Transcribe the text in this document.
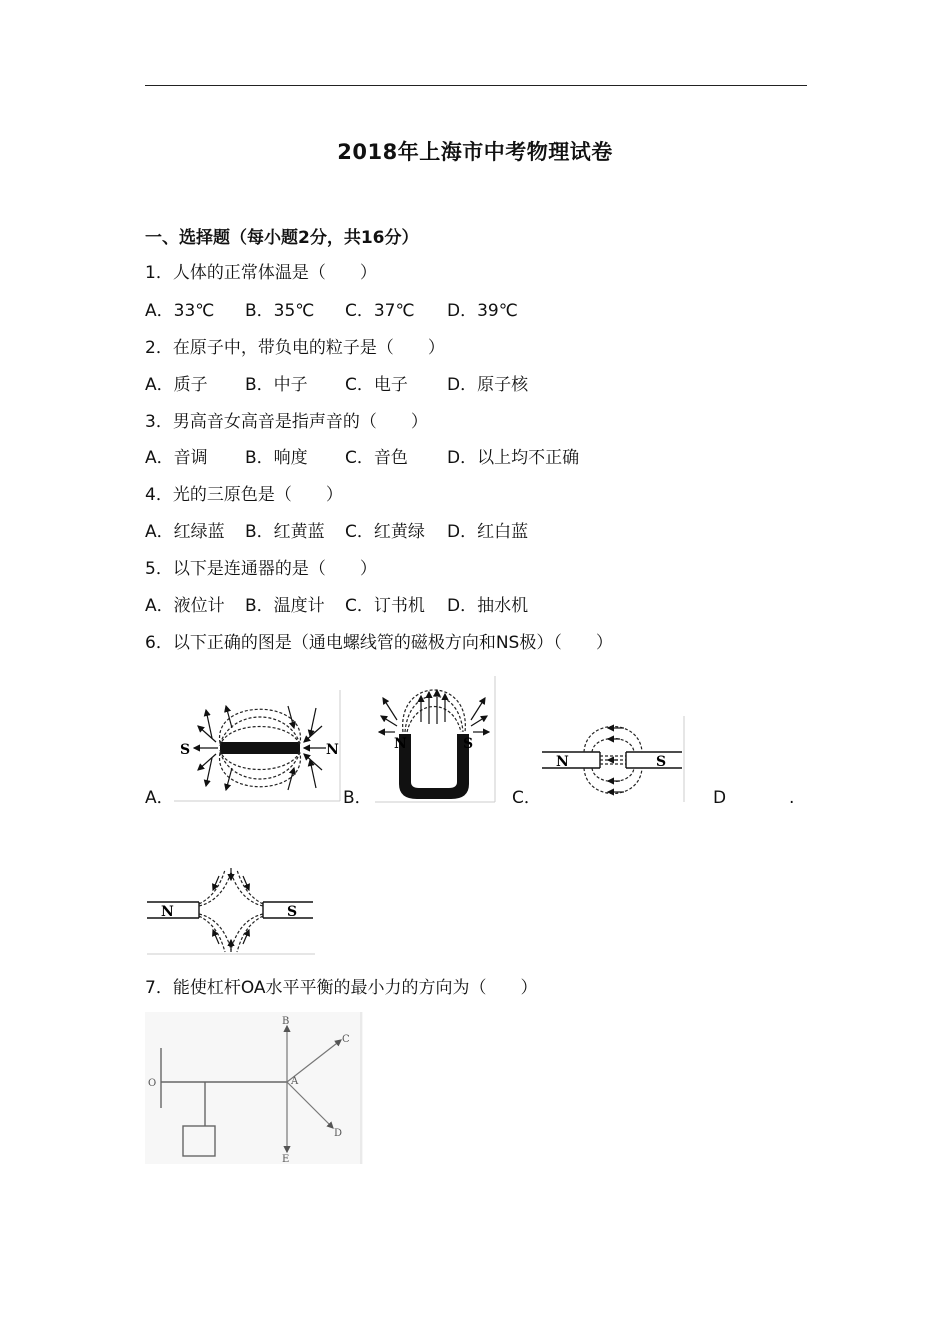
2018年上海市中考物理试卷
一、选择题（每小题2分，共16分）
1．人体的正常体温是（　　）
A．33℃ B．35℃ C．37℃ D．39℃
2．在原子中，带负电的粒子是（　　）
A．质子 B．中子 C．电子 D．原子核
3．男高音女高音是指声音的（　　）
A．音调 B．响度 C．音色 D．以上均不正确
4．光的三原色是（　　）
A．红绿蓝 B．红黄蓝 C．红黄绿 D．红白蓝
5．以下是连通器的是（　　）
A．液位计 B．温度计 C．订书机 D．抽水机
6．以下正确的图是（通电螺线管的磁极方向和NS极）（　　）
A．	B．	C．	D	.
S	N	N	S
N	S
N	S
7．能使杠杆OA水平平衡的最小力的方向为（　　）
O	A
B
C
D
E
